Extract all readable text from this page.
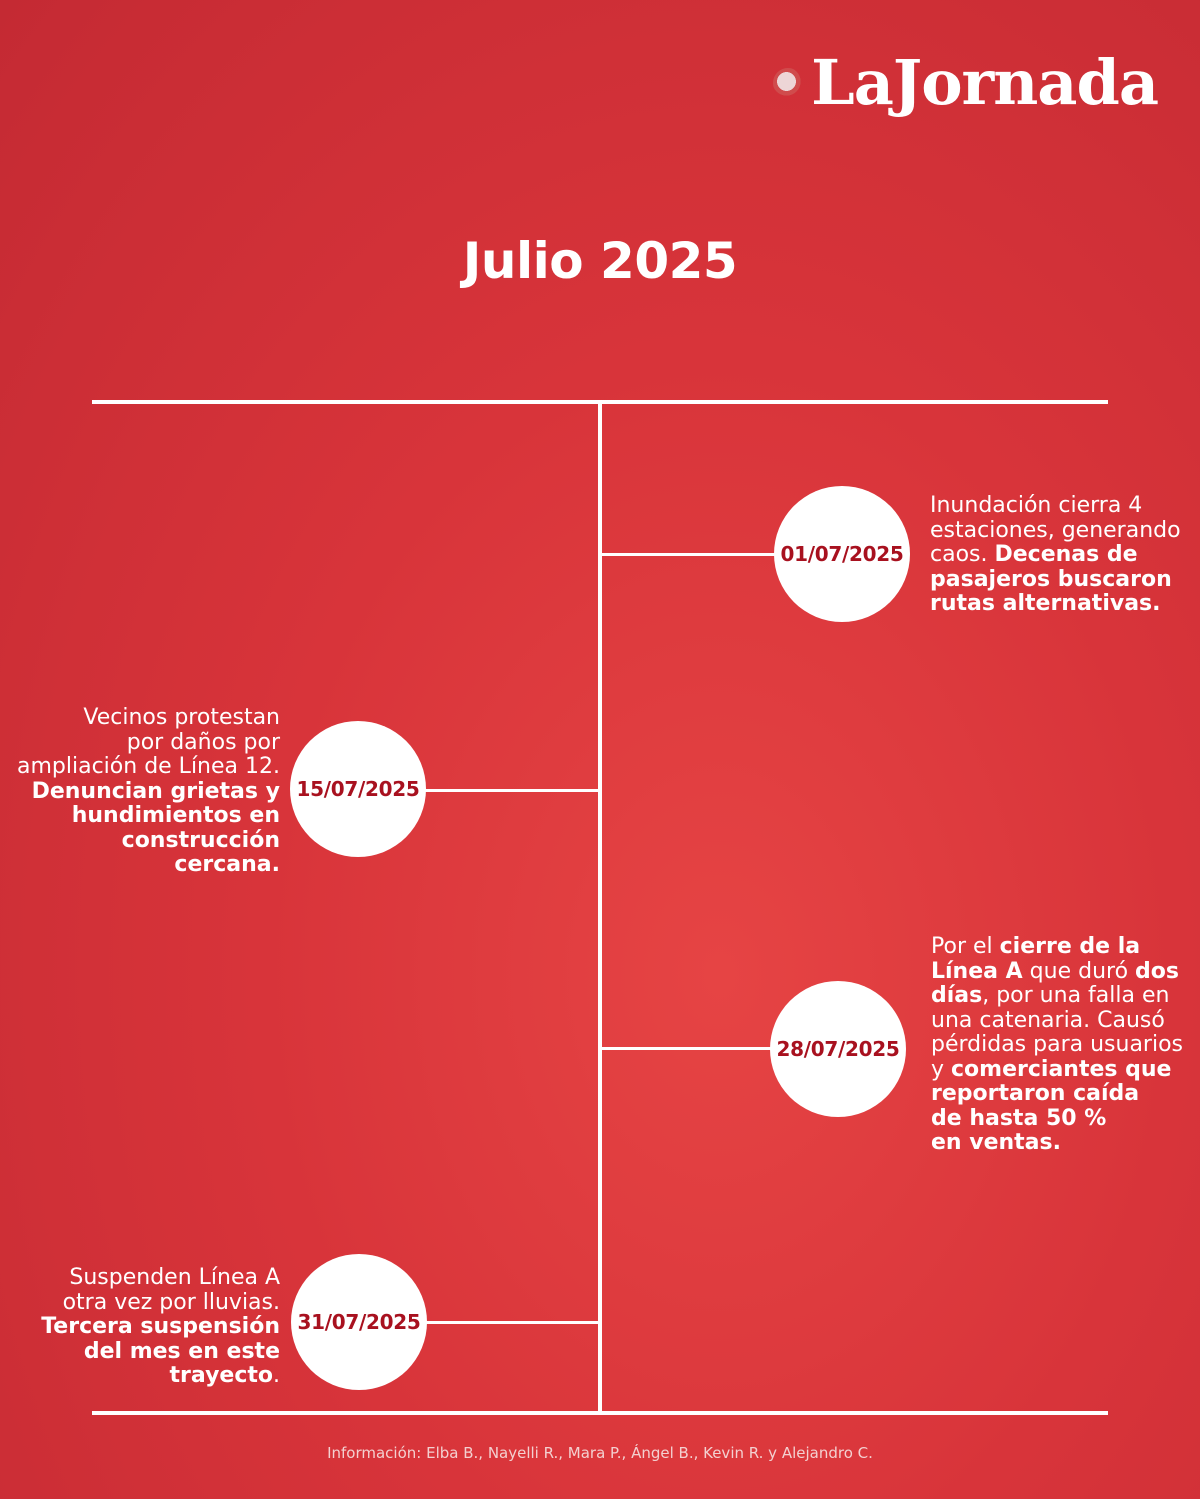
LaJornada
Julio 2025
01/07/2025

Inundación cierra 4
estaciones, generando
caos. Decenas de
pasajeros buscaron
rutas alternativas.

15/07/2025

Vecinos protestan
por daños por
ampliación de Línea 12.
Denuncian grietas y
hundimientos en
construcción
cercana.

28/07/2025

Por el cierre de la
Línea A que duró dos
días, por una falla en
una catenaria. Causó
pérdidas para usuarios
y comerciantes que
reportaron caída
de hasta 50 %
en ventas.

31/07/2025

Suspenden Línea A
otra vez por lluvias.
Tercera suspensión
del mes en este
trayecto.

Información: Elba B., Nayelli R., Mara P., Ángel B., Kevin R. y Alejandro C.
